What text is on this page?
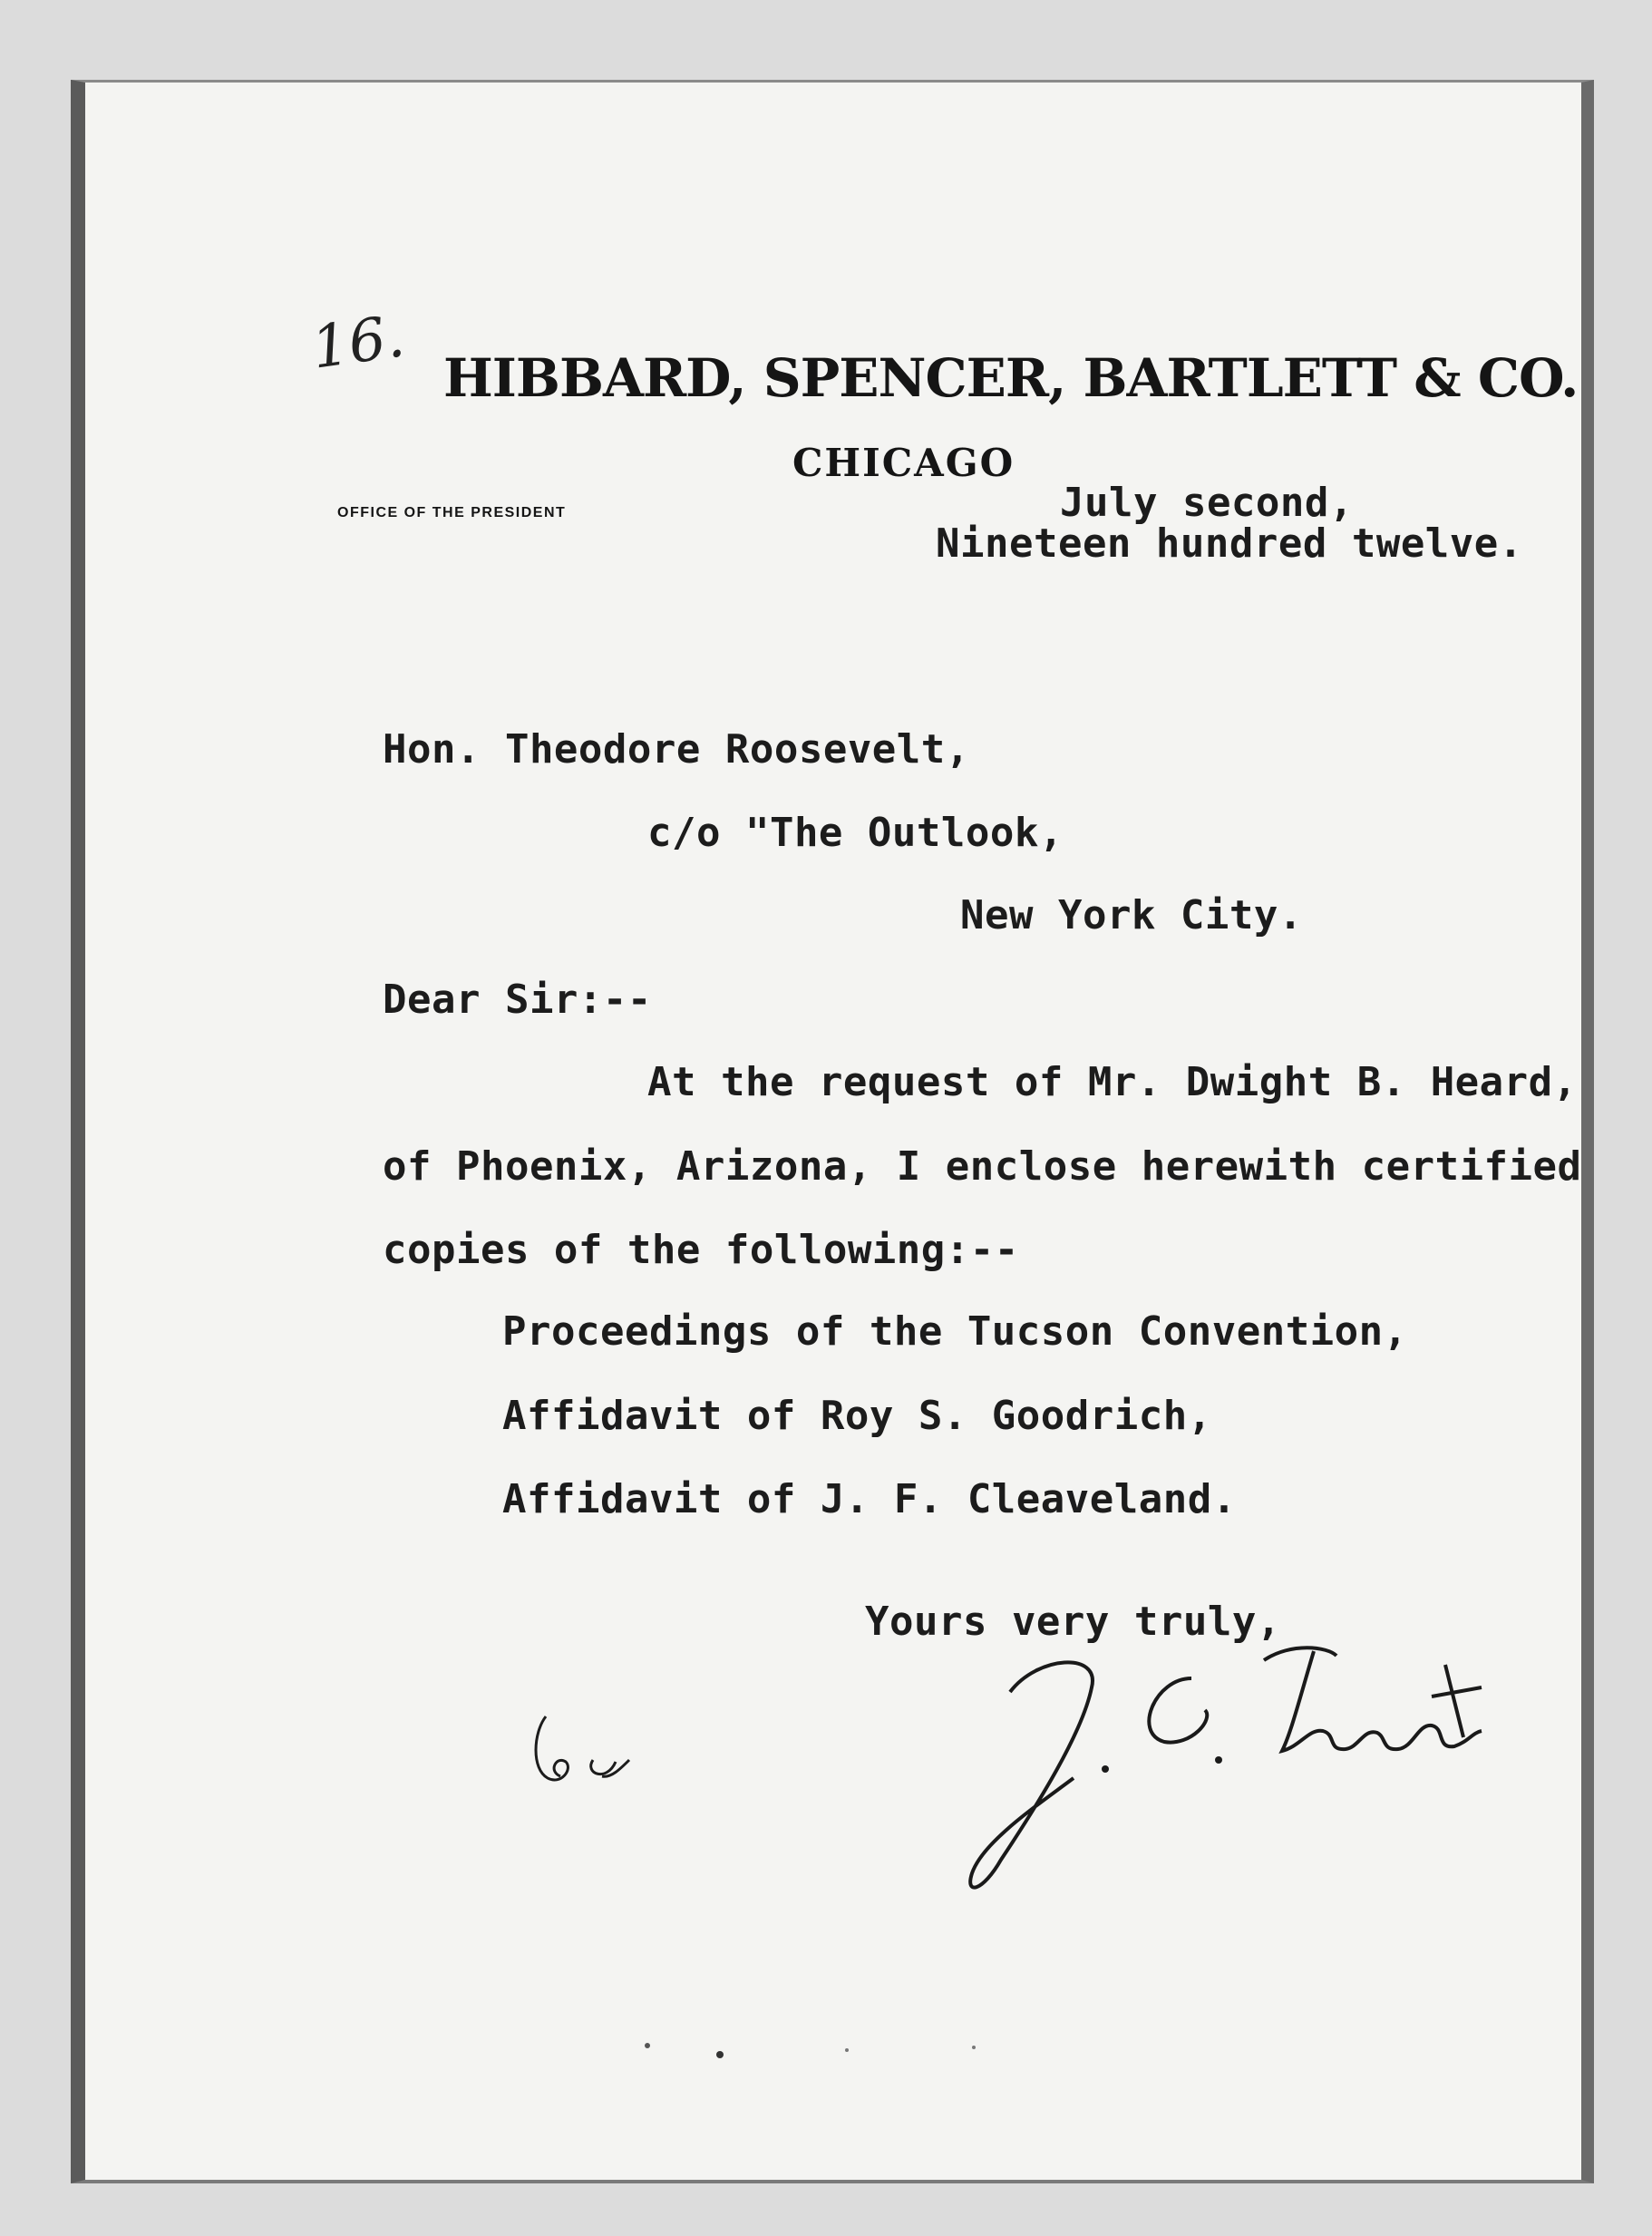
16. HIBBARD, SPENCER, BARTLETT & CO.
CHICAGO
OFFICE OF THE PRESIDENT	July second,
Nineteen hundred twelve.
Hon. Theodore Roosevelt,
c/o "The Outlook,
New York City.
Dear Sir:--
At the request of Mr. Dwight B. Heard,
of Phoenix, Arizona, I enclose herewith certified
copies of the following:--
Proceedings of the Tucson Convention,
Affidavit of Roy S. Goodrich,
Affidavit of J. F. Cleaveland.
Yours very truly,
